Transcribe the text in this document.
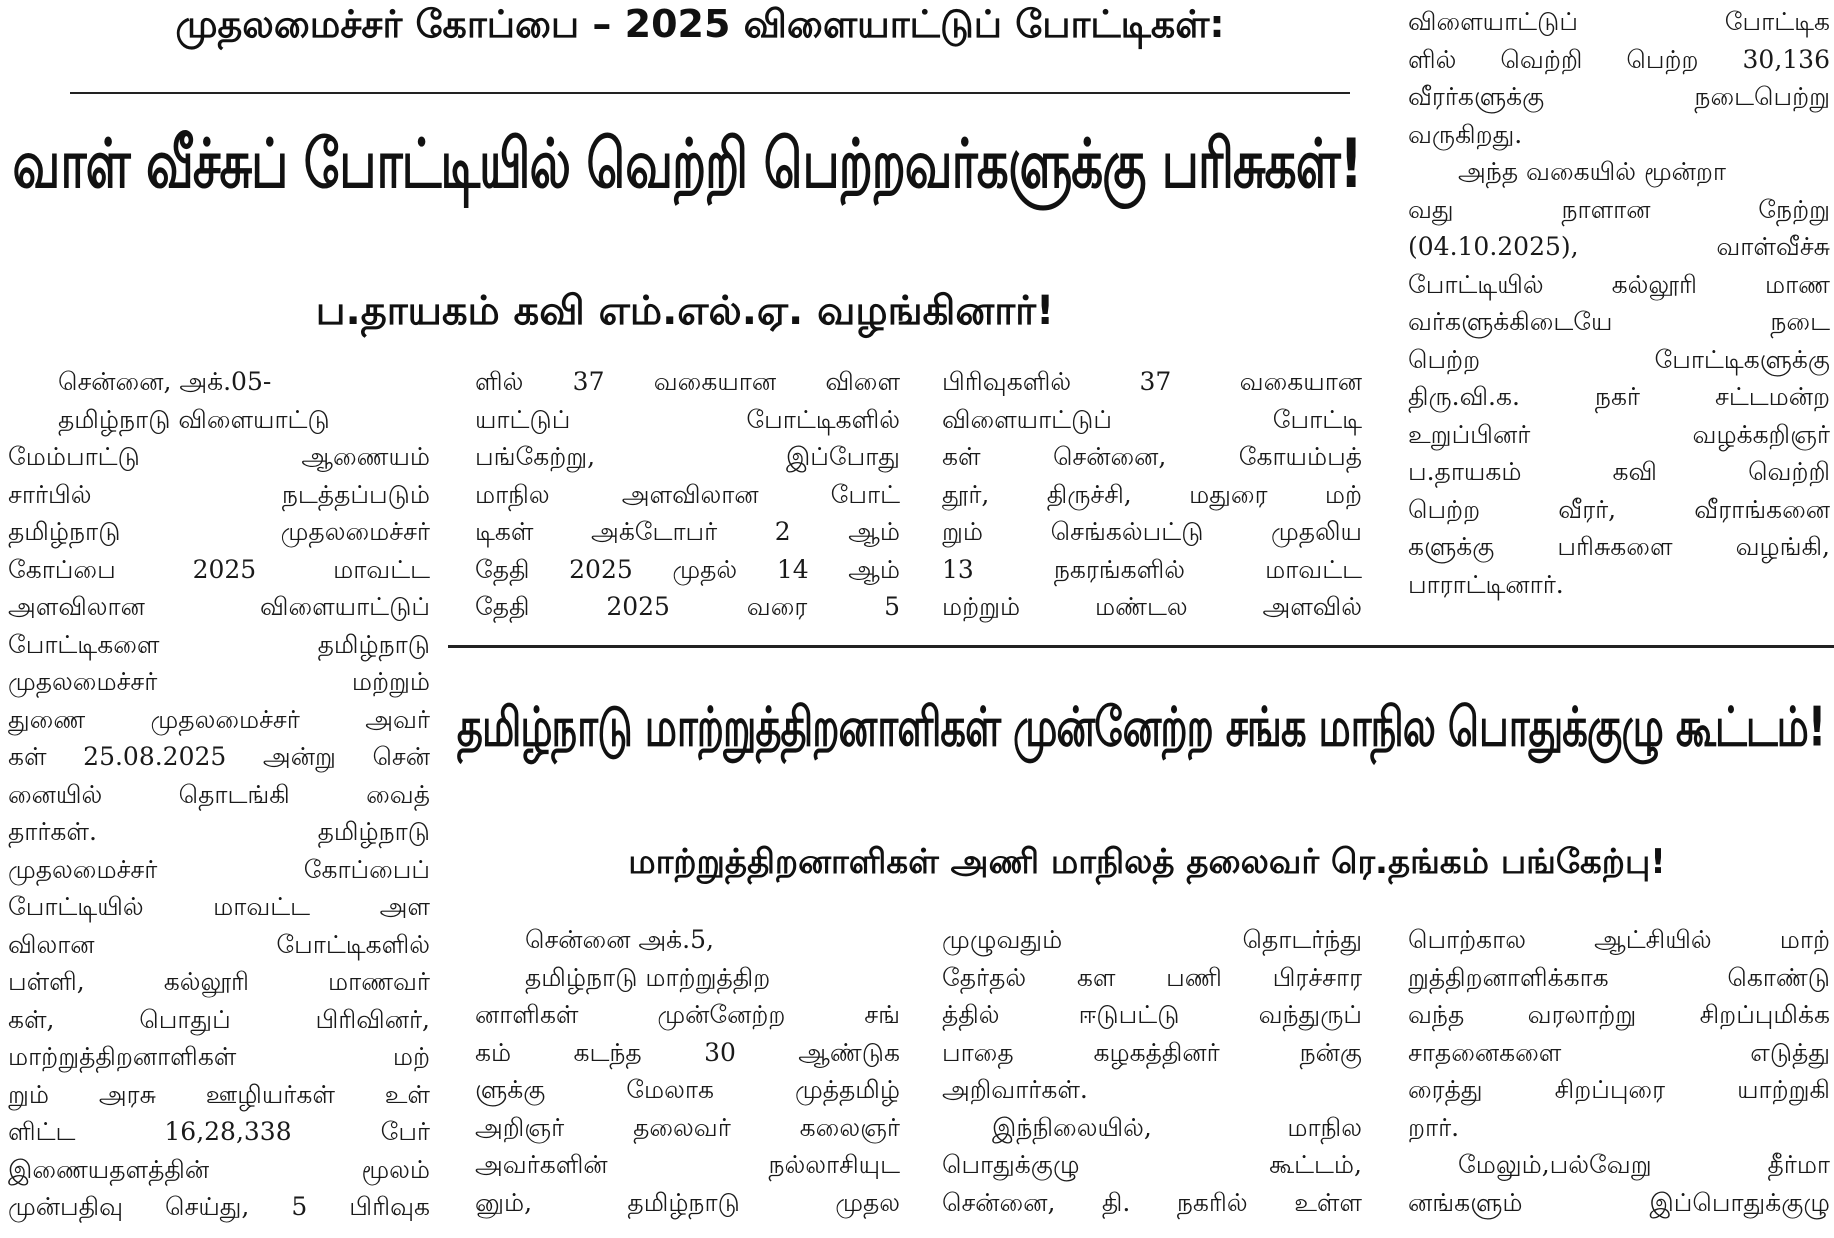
முதலமைச்சர் கோப்பை – 2025 விளையாட்டுப் போட்டிகள்:
வாள் வீச்சுப் போட்டியில் வெற்றி பெற்றவர்களுக்கு பரிசுகள்!
ப.தாயகம் கவி எம்.எல்.ஏ. வழங்கினார்!
சென்னை, அக்.05-
தமிழ்நாடு விளையாட்டு
மேம்பாட்டு ஆணையம்
சார்பில் நடத்தப்படும்
தமிழ்நாடு முதலமைச்சர்
கோப்பை 2025 மாவட்ட
அளவிலான விளையாட்டுப்
போட்டிகளை தமிழ்நாடு
முதலமைச்சர் மற்றும்
துணை முதலமைச்சர் அவர்
கள் 25.08.2025 அன்று சென்
னையில் தொடங்கி வைத்
தார்கள். தமிழ்நாடு
முதலமைச்சர் கோப்பைப்
போட்டியில் மாவட்ட அள
விலான போட்டிகளில்
பள்ளி, கல்லூரி மாணவர்
கள், பொதுப் பிரிவினர்,
மாற்றுத்திறனாளிகள் மற்
றும் அரசு ஊழியர்கள் உள்
ளிட்ட 16,28,338 பேர்
இணையதளத்தின் மூலம்
முன்பதிவு செய்து, 5 பிரிவுக
ளில் 37 வகையான விளை
யாட்டுப் போட்டிகளில்
பங்கேற்று, இப்போது
மாநில அளவிலான போட்
டிகள் அக்டோபர் 2 ஆம்
தேதி 2025 முதல் 14 ஆம்
தேதி 2025 வரை 5
பிரிவுகளில் 37 வகையான
விளையாட்டுப் போட்டி
கள் சென்னை, கோயம்பத்
தூர், திருச்சி, மதுரை மற்
றும் செங்கல்பட்டு முதலிய
13 நகரங்களில் மாவட்ட
மற்றும் மண்டல அளவில்
விளையாட்டுப் போட்டிக
ளில் வெற்றி பெற்ற 30,136
வீரர்களுக்கு நடைபெற்று
வருகிறது.
அந்த வகையில் மூன்றா
வது நாளான நேற்று
(04.10.2025), வாள்வீச்சு
போட்டியில் கல்லூரி மாண
வர்களுக்கிடையே நடை
பெற்ற போட்டிகளுக்கு
திரு.வி.க. நகர் சட்டமன்ற
உறுப்பினர் வழக்கறிஞர்
ப.தாயகம் கவி வெற்றி
பெற்ற வீரர், வீராங்கனை
களுக்கு பரிசுகளை வழங்கி,
பாராட்டினார்.
தமிழ்நாடு மாற்றுத்திறனாளிகள் முன்னேற்ற சங்க மாநில பொதுக்குழு கூட்டம்!
மாற்றுத்திறனாளிகள் அணி மாநிலத் தலைவர் ரெ.தங்கம் பங்கேற்பு!
சென்னை அக்.5,
தமிழ்நாடு மாற்றுத்திற
னாளிகள் முன்னேற்ற சங்
கம் கடந்த 30 ஆண்டுக
ளுக்கு மேலாக முத்தமிழ்
அறிஞர் தலைவர் கலைஞர்
அவர்களின் நல்லாசியுட
னும், தமிழ்நாடு முதல
முழுவதும் தொடர்ந்து
தேர்தல் கள பணி பிரச்சார
த்தில் ஈடுபட்டு வந்துருப்
பாதை கழகத்தினர் நன்கு
அறிவார்கள்.
இந்நிலையில், மாநில
பொதுக்குழு கூட்டம்,
சென்னை, தி. நகரில் உள்ள
பொற்கால ஆட்சியில் மாற்
றுத்திறனாளிக்காக கொண்டு
வந்த வரலாற்று சிறப்புமிக்க
சாதனைகளை எடுத்து
ரைத்து சிறப்புரை யாற்றுகி
றார்.
மேலும்,பல்வேறு தீர்மா
னங்களும் இப்பொதுக்குழு
